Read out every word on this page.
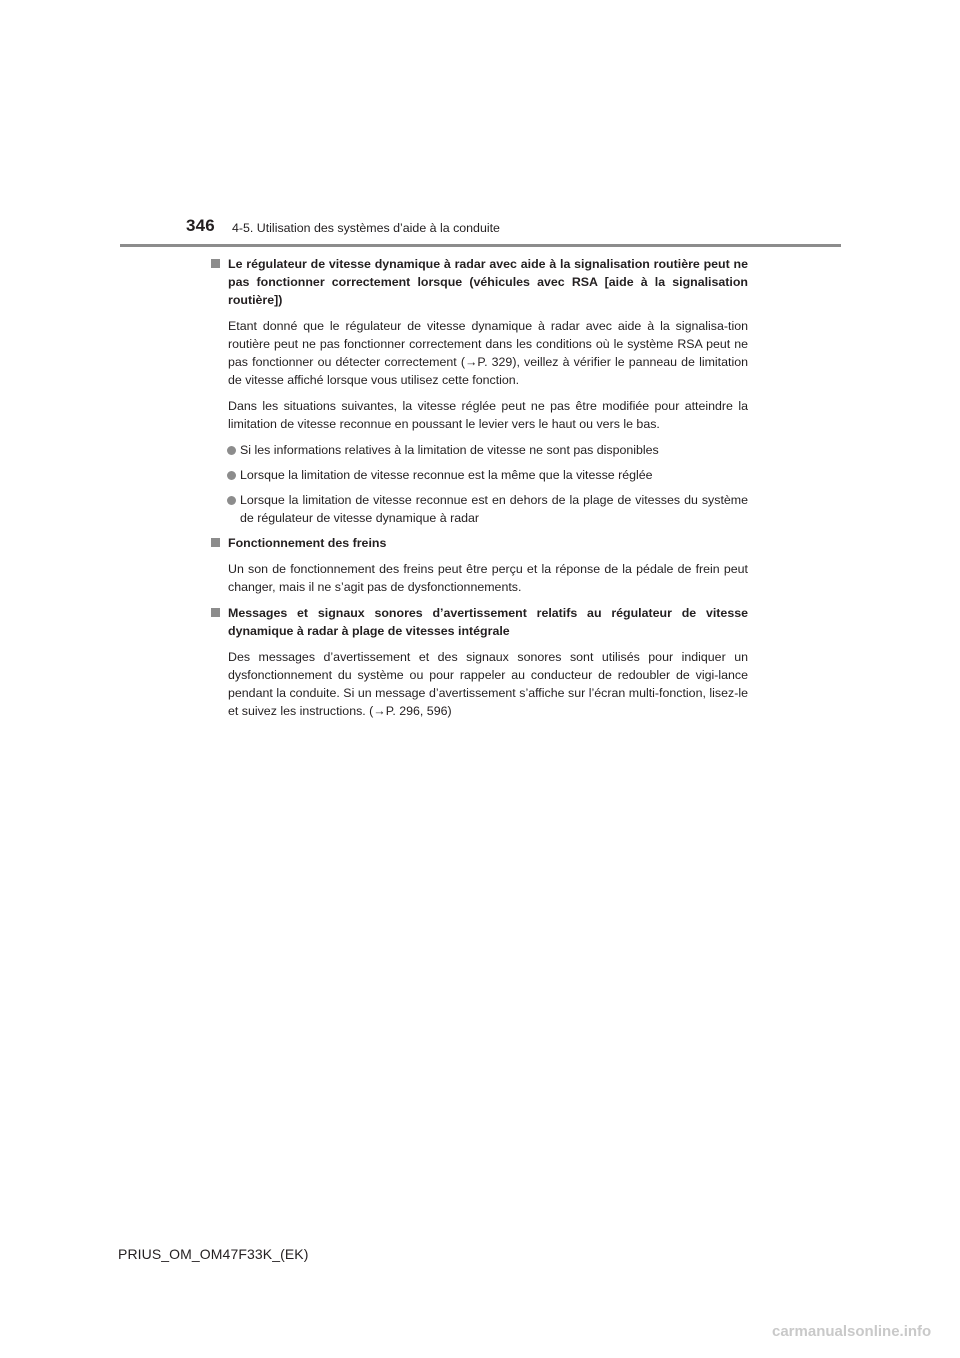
346 4-5. Utilisation des systèmes d’aide à la conduite
Le régulateur de vitesse dynamique à radar avec aide à la signalisation routière peut ne pas fonctionner correctement lorsque (véhicules avec RSA [aide à la signalisation routière])
Etant donné que le régulateur de vitesse dynamique à radar avec aide à la signalisa-tion routière peut ne pas fonctionner correctement dans les conditions où le système RSA peut ne pas fonctionner ou détecter correctement (→P. 329), veillez à vérifier le panneau de limitation de vitesse affiché lorsque vous utilisez cette fonction.
Dans les situations suivantes, la vitesse réglée peut ne pas être modifiée pour atteindre la limitation de vitesse reconnue en poussant le levier vers le haut ou vers le bas.
Si les informations relatives à la limitation de vitesse ne sont pas disponibles
Lorsque la limitation de vitesse reconnue est la même que la vitesse réglée
Lorsque la limitation de vitesse reconnue est en dehors de la plage de vitesses du système de régulateur de vitesse dynamique à radar
Fonctionnement des freins
Un son de fonctionnement des freins peut être perçu et la réponse de la pédale de frein peut changer, mais il ne s’agit pas de dysfonctionnements.
Messages et signaux sonores d’avertissement relatifs au régulateur de vitesse dynamique à radar à plage de vitesses intégrale
Des messages d’avertissement et des signaux sonores sont utilisés pour indiquer un dysfonctionnement du système ou pour rappeler au conducteur de redoubler de vigi-lance pendant la conduite. Si un message d’avertissement s’affiche sur l’écran multi-fonction, lisez-le et suivez les instructions. (→P. 296, 596)
PRIUS_OM_OM47F33K_(EK)
carmanualsonline.info
